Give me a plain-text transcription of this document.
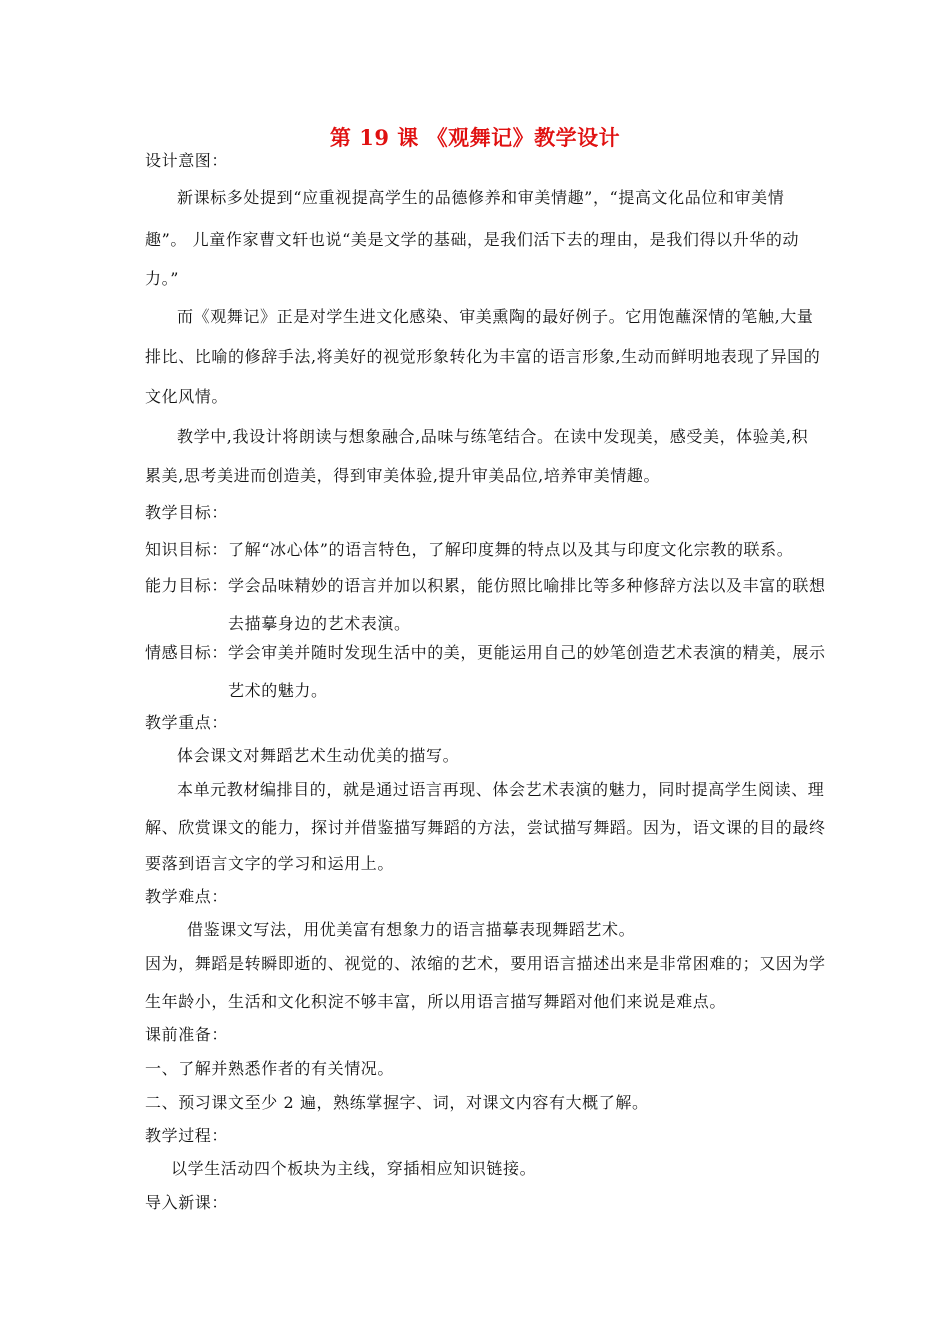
第 19 课 《观舞记》教学设计
设计意图：
新课标多处提到“应重视提高学生的品德修养和审美情趣”，“提高文化品位和审美情
趣”。 儿童作家曹文轩也说“美是文学的基础，是我们活下去的理由，是我们得以升华的动
力。”
而《观舞记》正是对学生进文化感染、审美熏陶的最好例子。它用饱蘸深情的笔触,大量
排比、比喻的修辞手法,将美好的视觉形象转化为丰富的语言形象,生动而鲜明地表现了异国的
文化风情。
教学中,我设计将朗读与想象融合,品味与练笔结合。在读中发现美，感受美，体验美,积
累美,思考美进而创造美，得到审美体验,提升审美品位,培养审美情趣。
教学目标：
知识目标：了解“冰心体”的语言特色，了解印度舞的特点以及其与印度文化宗教的联系。
能力目标：学会品味精妙的语言并加以积累，能仿照比喻排比等多种修辞方法以及丰富的联想
去描摹身边的艺术表演。
情感目标：学会审美并随时发现生活中的美，更能运用自己的妙笔创造艺术表演的精美，展示
艺术的魅力。
教学重点：
体会课文对舞蹈艺术生动优美的描写。
本单元教材编排目的，就是通过语言再现、体会艺术表演的魅力，同时提高学生阅读、理
解、欣赏课文的能力，探讨并借鉴描写舞蹈的方法，尝试描写舞蹈。因为，语文课的目的最终
要落到语言文字的学习和运用上。
教学难点：
借鉴课文写法，用优美富有想象力的语言描摹表现舞蹈艺术。
因为，舞蹈是转瞬即逝的、视觉的、浓缩的艺术，要用语言描述出来是非常困难的；又因为学
生年龄小，生活和文化积淀不够丰富，所以用语言描写舞蹈对他们来说是难点。
课前准备：
一、了解并熟悉作者的有关情况。
二、预习课文至少 2 遍，熟练掌握字、词，对课文内容有大概了解。
教学过程：
以学生活动四个板块为主线，穿插相应知识链接。
导入新课：
